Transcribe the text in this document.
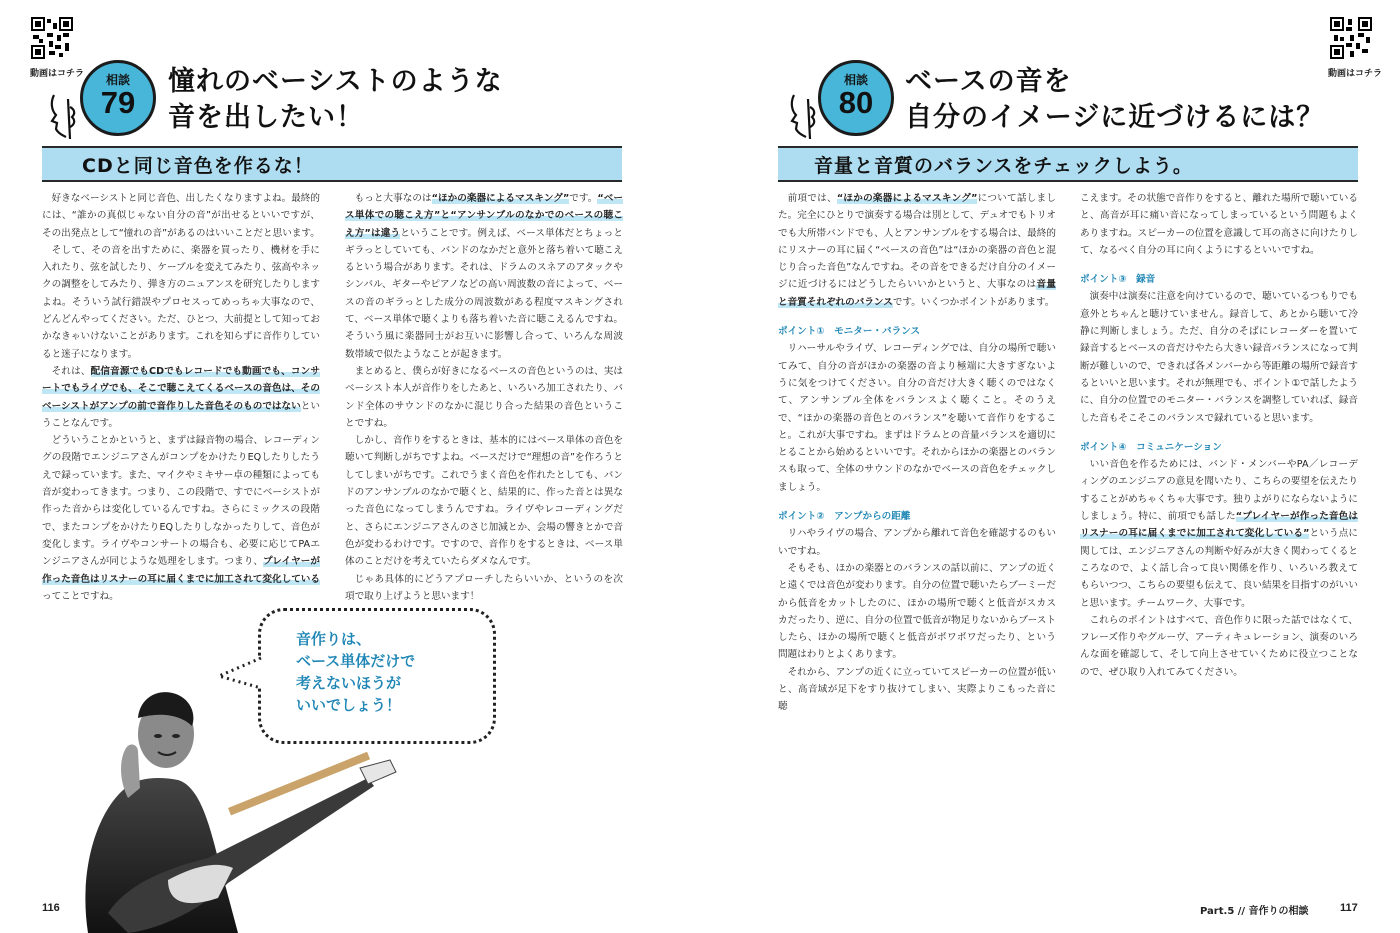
動画はコチラ	相談
79
憧れのベーシストのような
音を出したい！
CDと同じ音色を作るな！

好きなベーシストと同じ音色、出したくなりますよね。最終的には、“誰かの真似じゃない自分の音”が出せるといいですが、その出発点として“憧れの音”があるのはいいことだと思います。

そして、その音を出すために、楽器を買ったり、機材を手に入れたり、弦を試したり、ケーブルを変えてみたり、弦高やネックの調整をしてみたり、弾き方のニュアンスを研究したりしますよね。そういう試行錯誤やプロセスってめっちゃ大事なので、どんどんやってください。ただ、ひとつ、大前提として知っておかなきゃいけないことがあります。これを知らずに音作りしていると迷子になります。

それは、配信音源でもCDでもレコードでも動画でも、コンサートでもライヴでも、そこで聴こえてくるベースの音色は、そのベーシストがアンプの前で音作りした音色そのものではないということなんです。

どういうことかというと、まずは録音物の場合、レコーディングの段階でエンジニアさんがコンプをかけたりEQしたりしたうえで録っています。また、マイクやミキサー卓の種類によっても音が変わってきます。つまり、この段階で、すでにベーシストが作った音からは変化しているんですね。さらにミックスの段階で、またコンプをかけたりEQしたりしなかったりして、音色が変化します。ライヴやコンサートの場合も、必要に応じてPAエンジニアさんが同じような処理をします。つまり、プレイヤーが作った音色はリスナーの耳に届くまでに加工されて変化しているってことですね。

もっと大事なのは“ほかの楽器によるマスキング”です。“ベース単体での聴こえ方”と“アンサンブルのなかでのベースの聴こえ方”は違うということです。例えば、ベース単体だとちょっとギラっとしていても、バンドのなかだと意外と落ち着いて聴こえるという場合があります。それは、ドラムのスネアのアタックやシンバル、ギターやピアノなどの高い周波数の音によって、ベースの音のギラっとした成分の周波数がある程度マスキングされて、ベース単体で聴くよりも落ち着いた音に聴こえるんですね。そういう風に楽器同士がお互いに影響し合って、いろんな周波数帯域で似たようなことが起きます。

まとめると、僕らが好きになるベースの音色というのは、実はベーシスト本人が音作りをしたあと、いろいろ加工されたり、バンド全体のサウンドのなかに混じり合った結果の音色ということですね。

しかし、音作りをするときは、基本的にはベース単体の音色を聴いて判断しがちですよね。ベースだけで“理想の音”を作ろうとしてしまいがちです。これでうまく音色を作れたとしても、バンドのアンサンブルのなかで聴くと、結果的に、作った音とは異なった音色になってしまうんですね。ライヴやレコーディングだと、さらにエンジニアさんのさじ加減とか、会場の響きとかで音色が変わるわけです。ですので、音作りをするときは、ベース単体のことだけを考えていたらダメなんです。

じゃあ具体的にどうアプローチしたらいいか、というのを次項で取り上げようと思います！

音作りは、
ベース単体だけで
考えないほうが
いいでしょう！
116
動画はコチラ
相談
80
ベースの音を
自分のイメージに近づけるには？
音量と音質のバランスをチェックしよう。

前項では、“ほかの楽器によるマスキング”について話しました。完全にひとりで演奏する場合は別として、デュオでもトリオでも大所帯バンドでも、人とアンサンブルをする場合は、最終的にリスナーの耳に届く“ベースの音色”は“ほかの楽器の音色と混じり合った音色”なんですね。その音をできるだけ自分のイメージに近づけるにはどうしたらいいかというと、大事なのは音量と音質それぞれのバランスです。いくつかポイントがあります。

ポイント①　モニター・バランス

リハーサルやライヴ、レコーディングでは、自分の場所で聴いてみて、自分の音がほかの楽器の音より極端に大きすぎないように気をつけてください。自分の音だけ大きく聴くのではなくて、アンサンブル全体をバランスよく聴くこと。そのうえで、“ほかの楽器の音色とのバランス”を聴いて音作りをすること。これが大事ですね。まずはドラムとの音量バランスを適切にとることから始めるといいです。それからほかの楽器とのバランスも取って、全体のサウンドのなかでベースの音色をチェックしましょう。

ポイント②　アンプからの距離

リハやライヴの場合、アンプから離れて音色を確認するのもいいですね。

そもそも、ほかの楽器とのバランスの話以前に、アンプの近くと遠くでは音色が変わります。自分の位置で聴いたらブーミーだから低音をカットしたのに、ほかの場所で聴くと低音がスカスカだったり、逆に、自分の位置で低音が物足りないからブーストしたら、ほかの場所で聴くと低音がボワボワだったり、という問題はわりとよくあります。

それから、アンプの近くに立っていてスピーカーの位置が低いと、高音域が足下をすり抜けてしまい、実際よりこもった音に聴

こえます。その状態で音作りをすると、離れた場所で聴いていると、高音が耳に痛い音になってしまっているという問題もよくありますね。スピーカーの位置を意識して耳の高さに向けたりして、なるべく自分の耳に向くようにするといいですね。

ポイント③　録音

演奏中は演奏に注意を向けているので、聴いているつもりでも意外とちゃんと聴けていません。録音して、あとから聴いて冷静に判断しましょう。ただ、自分のそばにレコーダーを置いて録音するとベースの音だけやたら大きい録音バランスになって判断が難しいので、できれば各メンバーから等距離の場所で録音するといいと思います。それが無理でも、ポイント①で話したように、自分の位置でのモニター・バランスを調整していれば、録音した音もそこそこのバランスで録れていると思います。

ポイント④　コミュニケーション

いい音色を作るためには、バンド・メンバーやPA／レコーディングのエンジニアの意見を聞いたり、こちらの要望を伝えたりすることがめちゃくちゃ大事です。独りよがりにならないようにしましょう。特に、前項でも話した“プレイヤーが作った音色はリスナーの耳に届くまでに加工されて変化している”という点に関しては、エンジニアさんの判断や好みが大きく関わってくるところなので、よく話し合って良い関係を作り、いろいろ教えてもらいつつ、こちらの要望も伝えて、良い結果を目指すのがいいと思います。チームワーク、大事です。

これらのポイントはすべて、音色作りに限った話ではなくて、フレーズ作りやグルーヴ、アーティキュレーション、演奏のいろんな面を確認して、そして向上させていくために役立つことなので、ぜひ取り入れてみてください。

Part.5 // 音作りの相談	117
